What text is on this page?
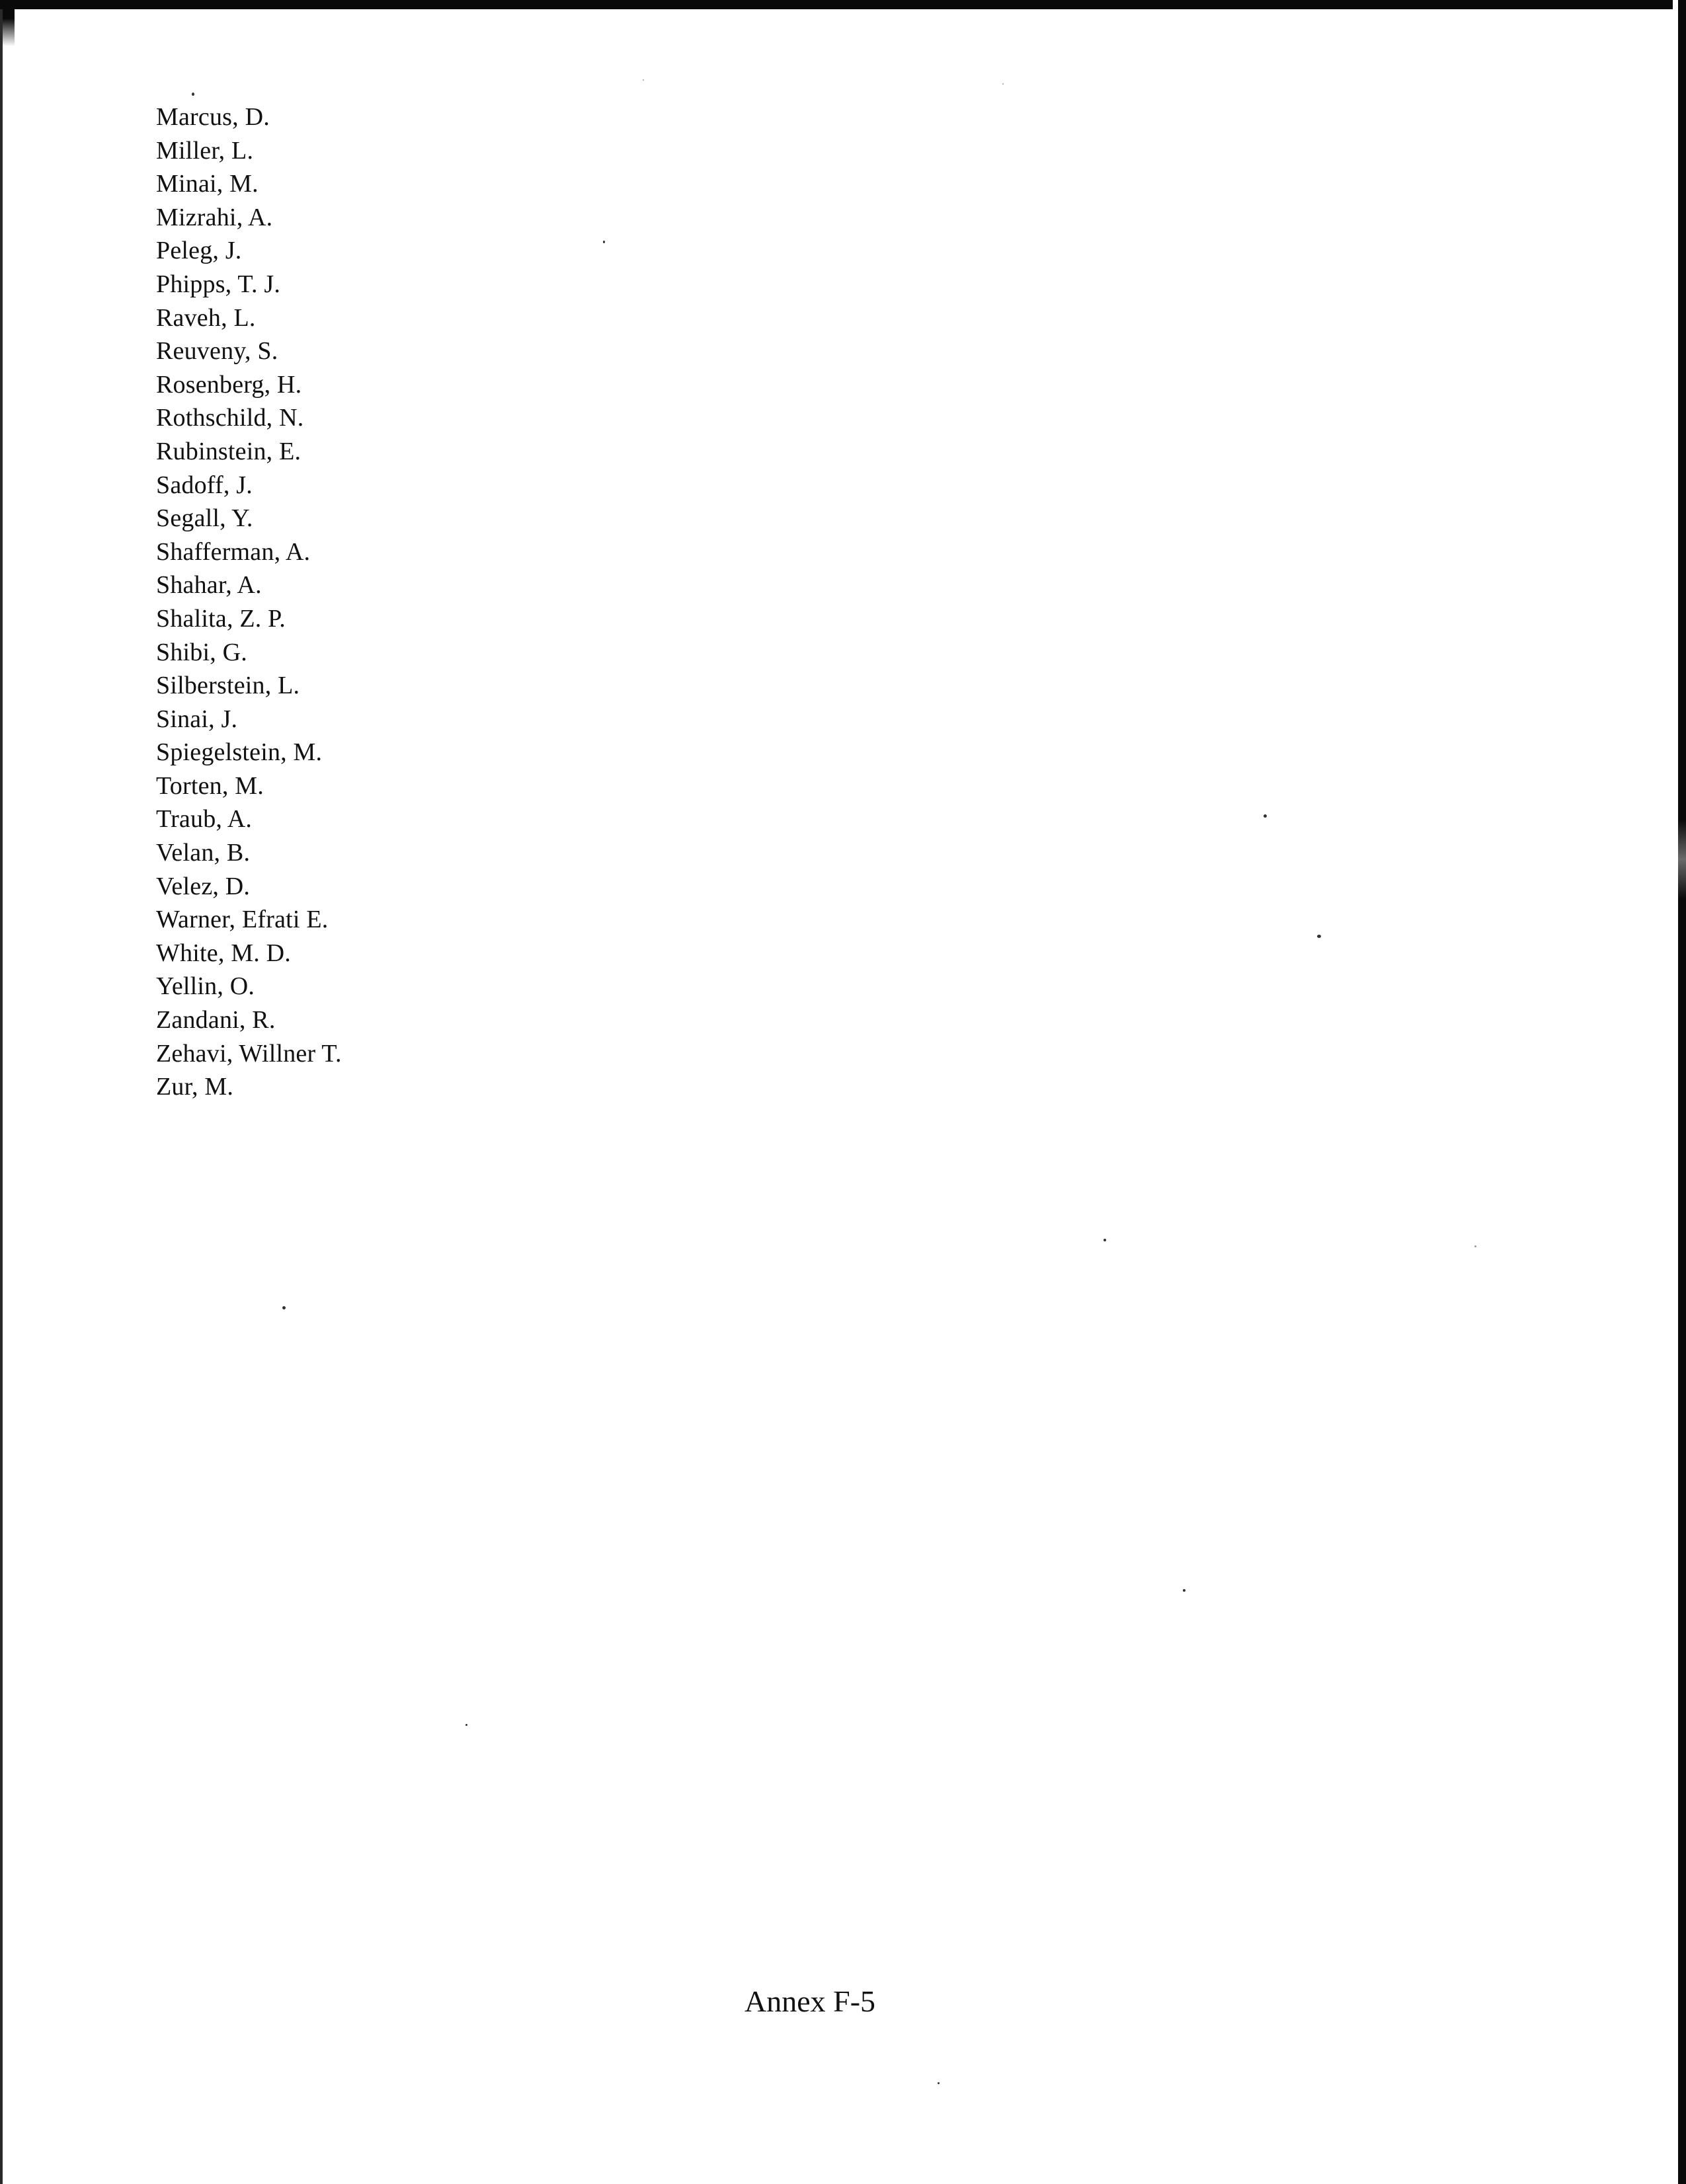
Marcus, D.
Miller, L.
Minai, M.
Mizrahi, A.
Peleg, J.
Phipps, T. J.
Raveh, L.
Reuveny, S.
Rosenberg, H.
Rothschild, N.
Rubinstein, E.
Sadoff, J.
Segall, Y.
Shafferman, A.
Shahar, A.
Shalita, Z. P.
Shibi, G.
Silberstein, L.
Sinai, J.
Spiegelstein, M.
Torten, M.
Traub, A.
Velan, B.
Velez, D.
Warner, Efrati E.
White, M. D.
Yellin, O.
Zandani, R.
Zehavi, Willner T.
Zur, M.
Annex F-5
